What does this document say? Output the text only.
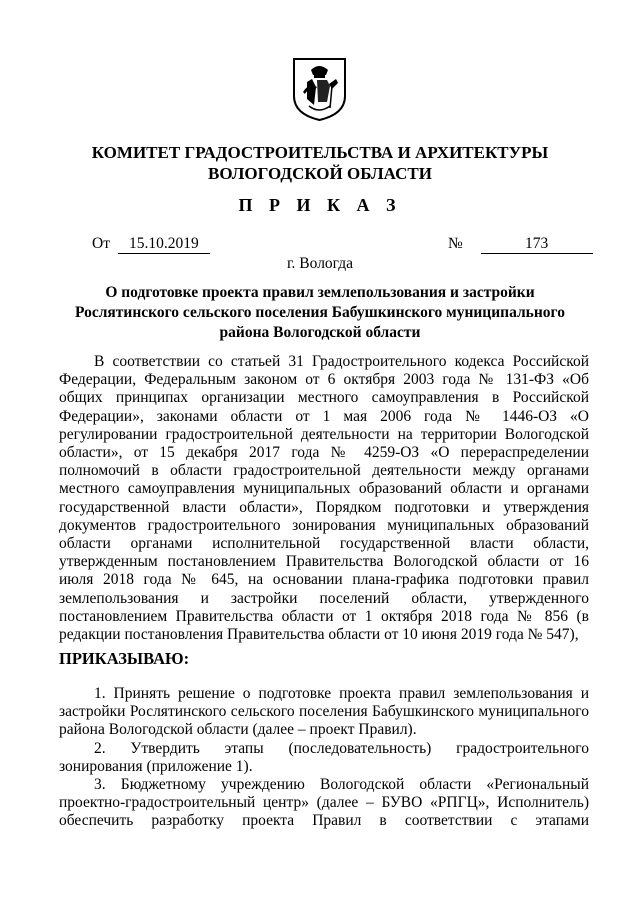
КОМИТЕТ ГРАДОСТРОИТЕЛЬСТВА И АРХИТЕКТУРЫ
ВОЛОГОДСКОЙ ОБЛАСТИ
П Р И К А З
От 15.10.2019	№	173
г. Вологда
О подготовке проекта правил землепользования и застройки Рослятинского сельского поселения Бабушкинского муниципального района Вологодской области

В соответствии со статьей 31 Градостроительного кодекса Российской Федерации, Федеральным законом от 6 октября 2003 года № 131-ФЗ «Об общих принципах организации местного самоуправления в Российской Федерации», законами области от 1 мая 2006 года № 1446-ОЗ «О регулировании градостроительной деятельности на территории Вологодской области», от 15 декабря 2017 года № 4259-ОЗ «О перераспределении полномочий в области градостроительной деятельности между органами местного самоуправления муниципальных образований области и органами государственной власти области», Порядком подготовки и утверждения документов градостроительного зонирования муниципальных образований области органами исполнительной государственной власти области, утвержденным постановлением Правительства Вологодской области от 16 июля 2018 года № 645, на основании плана-графика подготовки правил землепользования и застройки поселений области, утвержденного постановлением Правительства области от 1 октября 2018 года № 856 (в редакции постановления Правительства области от 10 июня 2019 года № 547),

ПРИКАЗЫВАЮ:

1. Принять решение о подготовке проекта правил землепользования и застройки Рослятинского сельского поселения Бабушкинского муниципального района Вологодской области (далее – проект Правил).

2. Утвердить этапы (последовательность) градостроительного зонирования (приложение 1).

3. Бюджетному учреждению Вологодской области «Региональный проектно-градостроительный центр» (далее – БУВО «РПГЦ», Исполнитель) обеспечить разработку проекта Правил в соответствии с этапами
